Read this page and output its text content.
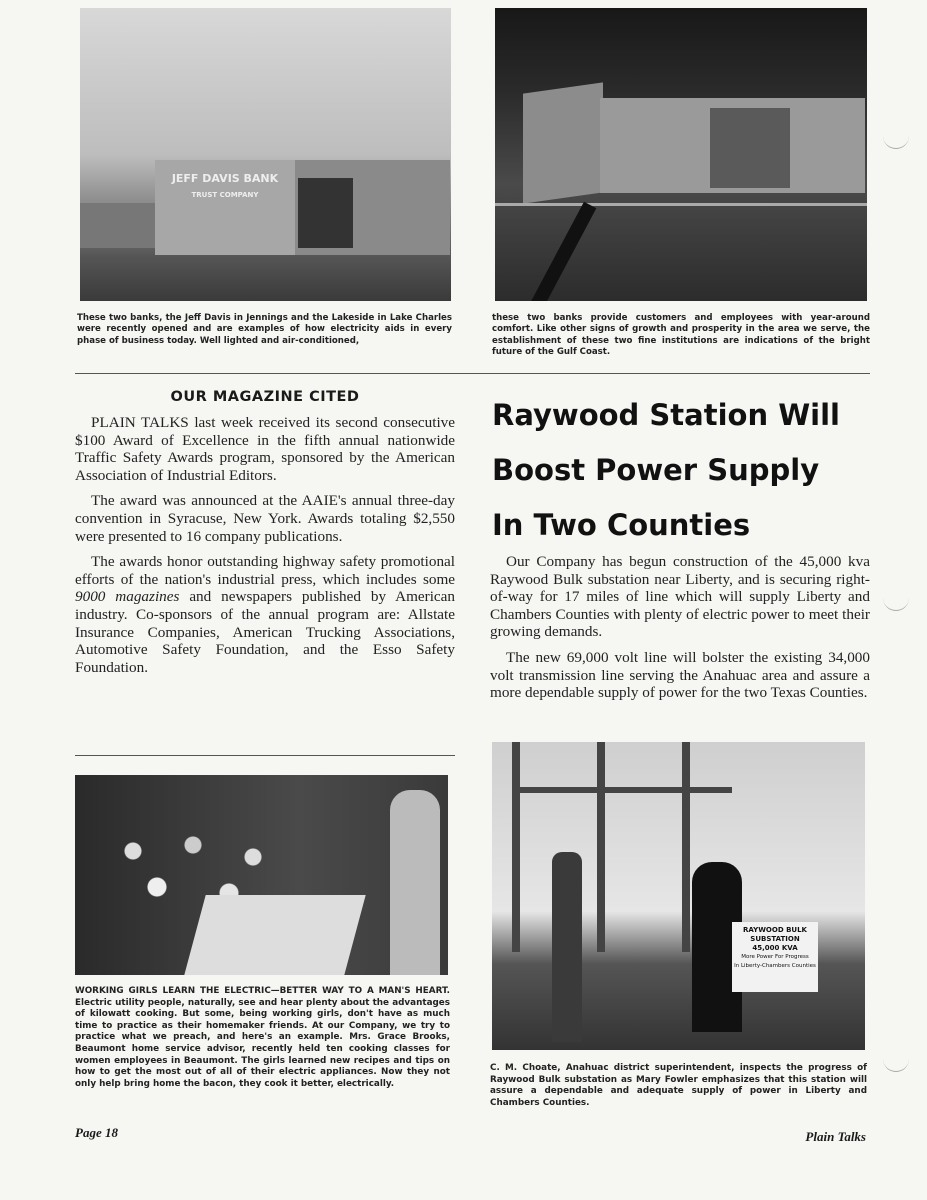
JEFF DAVIS BANK
TRUST COMPANY
These two banks, the Jeff Davis in Jennings and the Lakeside in Lake Charles were recently opened and are examples of how electricity aids in every phase of business today. Well lighted and air-conditioned,
these two banks provide customers and employees with year-around comfort. Like other signs of growth and prosperity in the area we serve, the establishment of these two fine institutions are indications of the bright future of the Gulf Coast.
OUR MAGAZINE CITED

PLAIN TALKS last week received its second consecutive $100 Award of Excellence in the fifth annual nationwide Traffic Safety Awards program, sponsored by the American Association of Industrial Editors.

The award was announced at the AAIE's annual three-day convention in Syracuse, New York. Awards totaling $2,550 were presented to 16 company publications.

The awards honor outstanding highway safety promotional efforts of the nation's industrial press, which includes some 9000 magazines and newspapers published by American industry. Co-sponsors of the annual program are: Allstate Insurance Companies, American Trucking Associations, Automotive Safety Foundation, and the Esso Safety Foundation.

Raywood Station Will
Boost Power Supply
In Two Counties

Our Company has begun construction of the 45,000 kva Raywood Bulk substation near Liberty, and is securing right-of-way for 17 miles of line which will supply Liberty and Chambers Counties with plenty of electric power to meet their growing demands.

The new 69,000 volt line will bolster the existing 34,000 volt transmission line serving the Anahuac area and assure a more dependable supply of power for the two Texas Counties.

WORKING GIRLS LEARN THE ELECTRIC—BETTER WAY TO A MAN'S HEART. Electric utility people, naturally, see and hear plenty about the advantages of kilowatt cooking. But some, being working girls, don't have as much time to practice as their homemaker friends. At our Company, we try to practice what we preach, and here's an example. Mrs. Grace Brooks, Beaumont home service advisor, recently held ten cooking classes for women employees in Beaumont. The girls learned new recipes and tips on how to get the most out of all of their electric appliances. Now they not only help bring home the bacon, they cook it better, electrically.
RAYWOOD BULK
SUBSTATION
45,000 KVA
More Power For Progress
In Liberty-Chambers Counties
C. M. Choate, Anahuac district superintendent, inspects the progress of Raywood Bulk substation as Mary Fowler emphasizes that this station will assure a dependable and adequate supply of power in Liberty and Chambers Counties.
Page 18	Plain Talks
